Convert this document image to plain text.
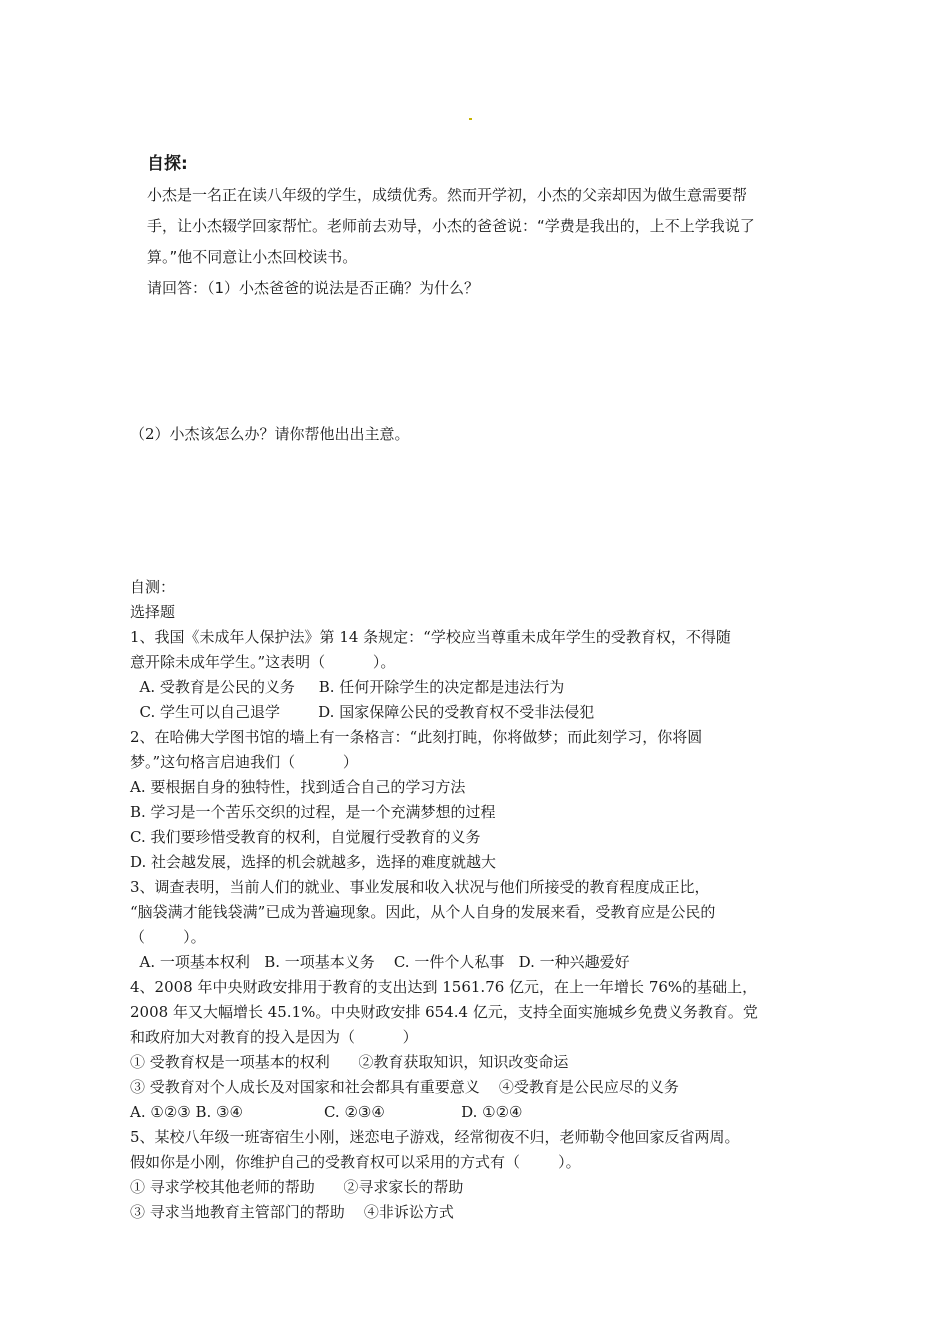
自探:

小杰是一名正在读八年级的学生，成绩优秀。然而开学初，小杰的父亲却因为做生意需要帮

手，让小杰辍学回家帮忙。老师前去劝导，小杰的爸爸说：“学费是我出的，上不上学我说了

算。”他不同意让小杰回校读书。

请回答：（1）小杰爸爸的说法是否正确？为什么？

（2）小杰该怎么办？请你帮他出出主意。

自测：

选择题

1、我国《未成年人保护法》第 14 条规定：“学校应当尊重未成年学生的受教育权，不得随

意开除未成年学生。”这表明（          ）。

A. 受教育是公民的义务     B. 任何开除学生的决定都是违法行为

C. 学生可以自己退学        D. 国家保障公民的受教育权不受非法侵犯

2、在哈佛大学图书馆的墙上有一条格言：“此刻打盹，你将做梦；而此刻学习，你将圆

梦。”这句格言启迪我们（          ）

A. 要根据自身的独特性，找到适合自己的学习方法

B. 学习是一个苦乐交织的过程，是一个充满梦想的过程

C. 我们要珍惜受教育的权利，自觉履行受教育的义务

D. 社会越发展，选择的机会就越多，选择的难度就越大

3、调查表明，当前人们的就业、事业发展和收入状况与他们所接受的教育程度成正比，

“脑袋满才能钱袋满”已成为普遍现象。因此，从个人自身的发展来看，受教育应是公民的

（        ）。

A. 一项基本权利   B. 一项基本义务    C. 一件个人私事   D. 一种兴趣爱好

4、2008 年中央财政安排用于教育的支出达到 1561.76 亿元，在上一年增长 76%的基础上，

2008 年又大幅增长 45.1%。中央财政安排 654.4 亿元，支持全面实施城乡免费义务教育。党

和政府加大对教育的投入是因为（          ）

① 受教育权是一项基本的权利      ②教育获取知识，知识改变命运

③ 受教育对个人成长及对国家和社会都具有重要意义    ④受教育是公民应尽的义务

A. ①②③ B. ③④                 C. ②③④                D. ①②④

5、某校八年级一班寄宿生小刚，迷恋电子游戏，经常彻夜不归，老师勒令他回家反省两周。

假如你是小刚，你维护自己的受教育权可以采用的方式有（        ）。

① 寻求学校其他老师的帮助      ②寻求家长的帮助

③ 寻求当地教育主管部门的帮助    ④非诉讼方式
